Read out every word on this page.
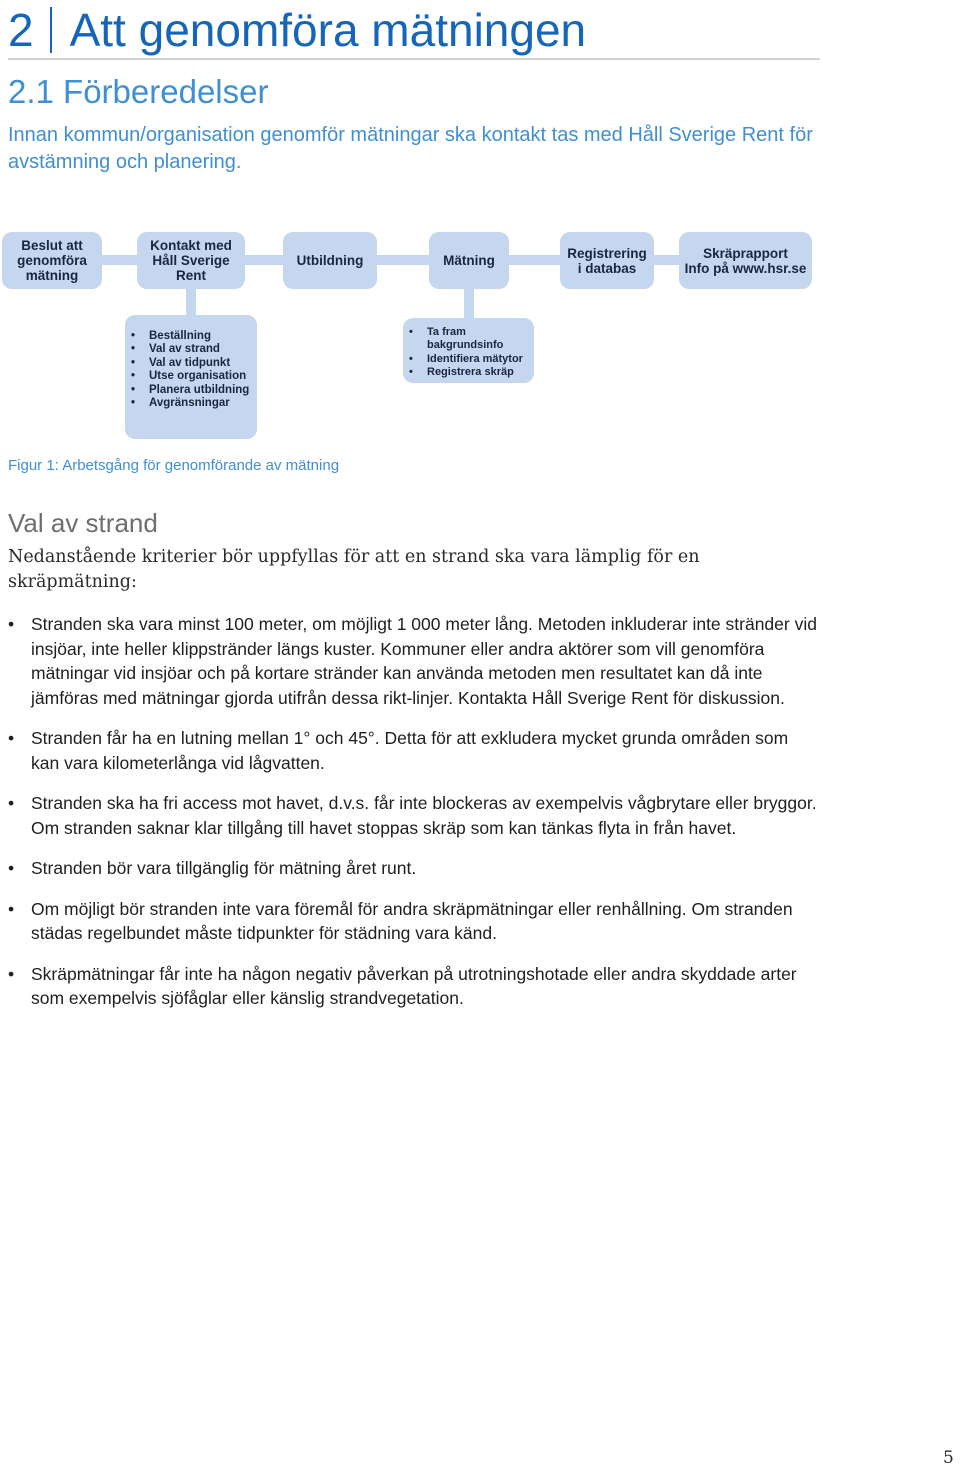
2 Att genomföra mätningen
2.1 Förberedelser

Innan kommun/organisation genomför mätningar ska kontakt tas med Håll Sverige Rent för avstämning och planering.

Beslut att
genomföra
mätning
Kontakt med
Håll Sverige
Rent
Utbildning	Mätning	Registrering
i databas
Skräprapport
Info på www.hsr.se
• Beställning
• Val av strand
• Val av tidpunkt
• Utse organisation
• Planera utbildning
• Avgränsningar
• Ta fram bakgrundsinfo
• Identifiera mätytor
• Registrera skräp

Figur 1: Arbetsgång för genomförande av mätning

Val av strand

Nedanstående kriterier bör uppfyllas för att en strand ska vara lämplig för en skräpmätning:

• Stranden ska vara minst 100 meter, om möjligt 1 000 meter lång. Metoden inkluderar inte stränder vid insjöar, inte heller klippstränder längs kuster. Kommuner eller andra aktörer som vill genomföra mätningar vid insjöar och på kortare stränder kan använda metoden men resultatet kan då inte jämföras med mätningar gjorda utifrån dessa rikt-linjer. Kontakta Håll Sverige Rent för diskussion.
• Stranden får ha en lutning mellan 1° och 45°. Detta för att exkludera mycket grunda områden som kan vara kilometerlånga vid lågvatten.
• Stranden ska ha fri access mot havet, d.v.s. får inte blockeras av exempelvis vågbrytare eller bryggor. Om stranden saknar klar tillgång till havet stoppas skräp som kan tänkas flyta in från havet.
• Stranden bör vara tillgänglig för mätning året runt.
• Om möjligt bör stranden inte vara föremål för andra skräpmätningar eller renhållning. Om stranden städas regelbundet måste tidpunkter för städning vara känd.
• Skräpmätningar får inte ha någon negativ påverkan på utrotningshotade eller andra skyddade arter som exempelvis sjöfåglar eller känslig strandvegetation.

5
